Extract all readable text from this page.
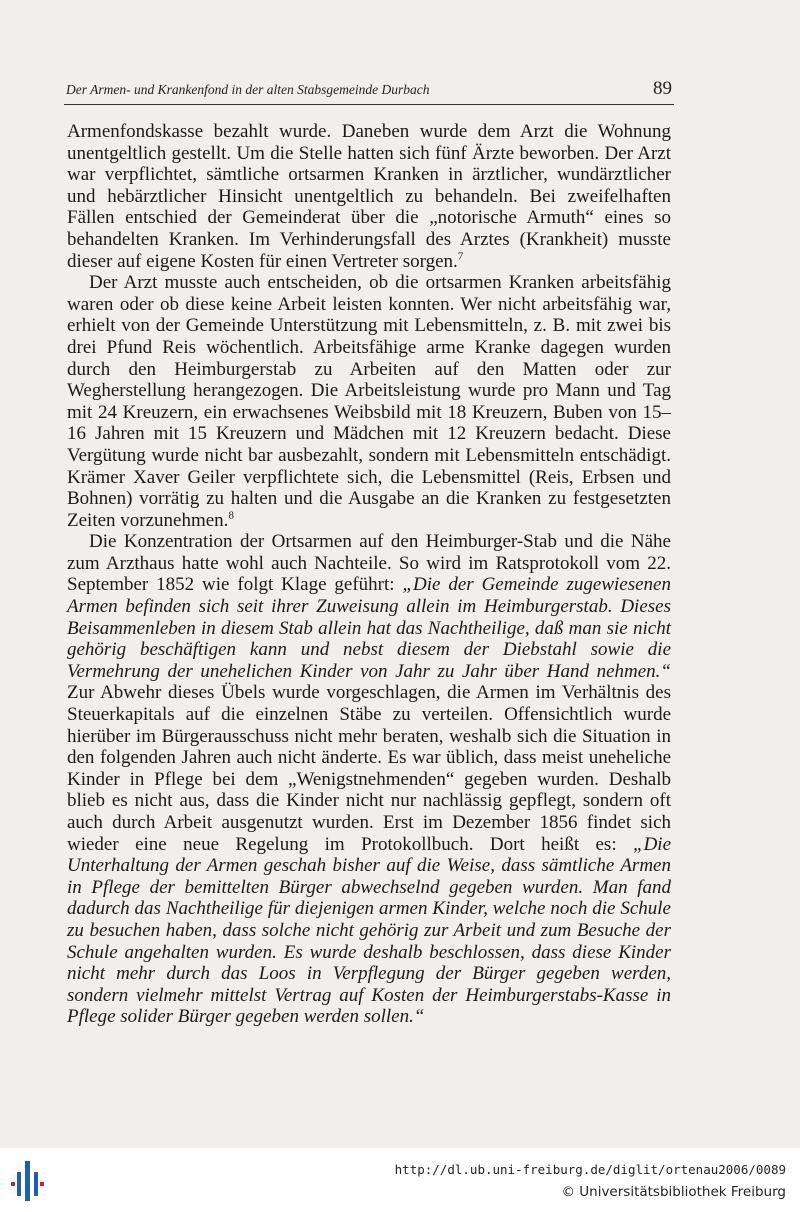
Der Armen- und Krankenfond in der alten Stabsgemeinde Durbach	89

Armenfondskasse bezahlt wurde. Daneben wurde dem Arzt die Wohnung unentgeltlich gestellt. Um die Stelle hatten sich fünf Ärzte beworben. Der Arzt war verpflichtet, sämtliche ortsarmen Kranken in ärztlicher, wundärztlicher und hebärztlicher Hinsicht unentgeltlich zu behandeln. Bei zweifelhaften Fällen entschied der Gemeinderat über die „notorische Armuth“ eines so behandelten Kranken. Im Verhinderungsfall des Arztes (Krankheit) musste dieser auf eigene Kosten für einen Vertreter sorgen.$^7$

Der Arzt musste auch entscheiden, ob die ortsarmen Kranken arbeitsfähig waren oder ob diese keine Arbeit leisten konnten. Wer nicht arbeitsfähig war, erhielt von der Gemeinde Unterstützung mit Lebensmitteln, z. B. mit zwei bis drei Pfund Reis wöchentlich. Arbeitsfähige arme Kranke dagegen wurden durch den Heimburgerstab zu Arbeiten auf den Matten oder zur Wegherstellung herangezogen. Die Arbeitsleistung wurde pro Mann und Tag mit 24 Kreuzern, ein erwachsenes Weibsbild mit 18 Kreuzern, Buben von 15–16 Jahren mit 15 Kreuzern und Mädchen mit 12 Kreuzern bedacht. Diese Vergütung wurde nicht bar ausbezahlt, sondern mit Lebensmitteln entschädigt. Krämer Xaver Geiler verpflichtete sich, die Lebensmittel (Reis, Erbsen und Bohnen) vorrätig zu halten und die Ausgabe an die Kranken zu festgesetzten Zeiten vorzunehmen.$^8$

Die Konzentration der Ortsarmen auf den Heimburger-Stab und die Nähe zum Arzthaus hatte wohl auch Nachteile. So wird im Ratsprotokoll vom 22. September 1852 wie folgt Klage geführt: „Die der Gemeinde zugewiesenen Armen befinden sich seit ihrer Zuweisung allein im Heimburgerstab. Dieses Beisammenleben in diesem Stab allein hat das Nachtheilige, daß man sie nicht gehörig beschäftigen kann und nebst diesem der Diebstahl sowie die Vermehrung der unehelichen Kinder von Jahr zu Jahr über Hand nehmen.“ Zur Abwehr dieses Übels wurde vorgeschlagen, die Armen im Verhältnis des Steuerkapitals auf die einzelnen Stäbe zu verteilen. Offensichtlich wurde hierüber im Bürgerausschuss nicht mehr beraten, weshalb sich die Situation in den folgenden Jahren auch nicht änderte. Es war üblich, dass meist uneheliche Kinder in Pflege bei dem „Wenigstnehmenden“ gegeben wurden. Deshalb blieb es nicht aus, dass die Kinder nicht nur nachlässig gepflegt, sondern oft auch durch Arbeit ausgenutzt wurden. Erst im Dezember 1856 findet sich wieder eine neue Regelung im Protokollbuch. Dort heißt es: „Die Unterhaltung der Armen geschah bisher auf die Weise, dass sämtliche Armen in Pflege der bemittelten Bürger abwechselnd gegeben wurden. Man fand dadurch das Nachtheilige für diejenigen armen Kinder, welche noch die Schule zu besuchen haben, dass solche nicht gehörig zur Arbeit und zum Besuche der Schule angehalten wurden. Es wurde deshalb beschlossen, dass diese Kinder nicht mehr durch das Loos in Verpflegung der Bürger gegeben werden, sondern vielmehr mittelst Vertrag auf Kosten der Heimburgerstabs-Kasse in Pflege solider Bürger gegeben werden sollen.“

http://dl.ub.uni-freiburg.de/diglit/ortenau2006/0089
© Universitätsbibliothek Freiburg
